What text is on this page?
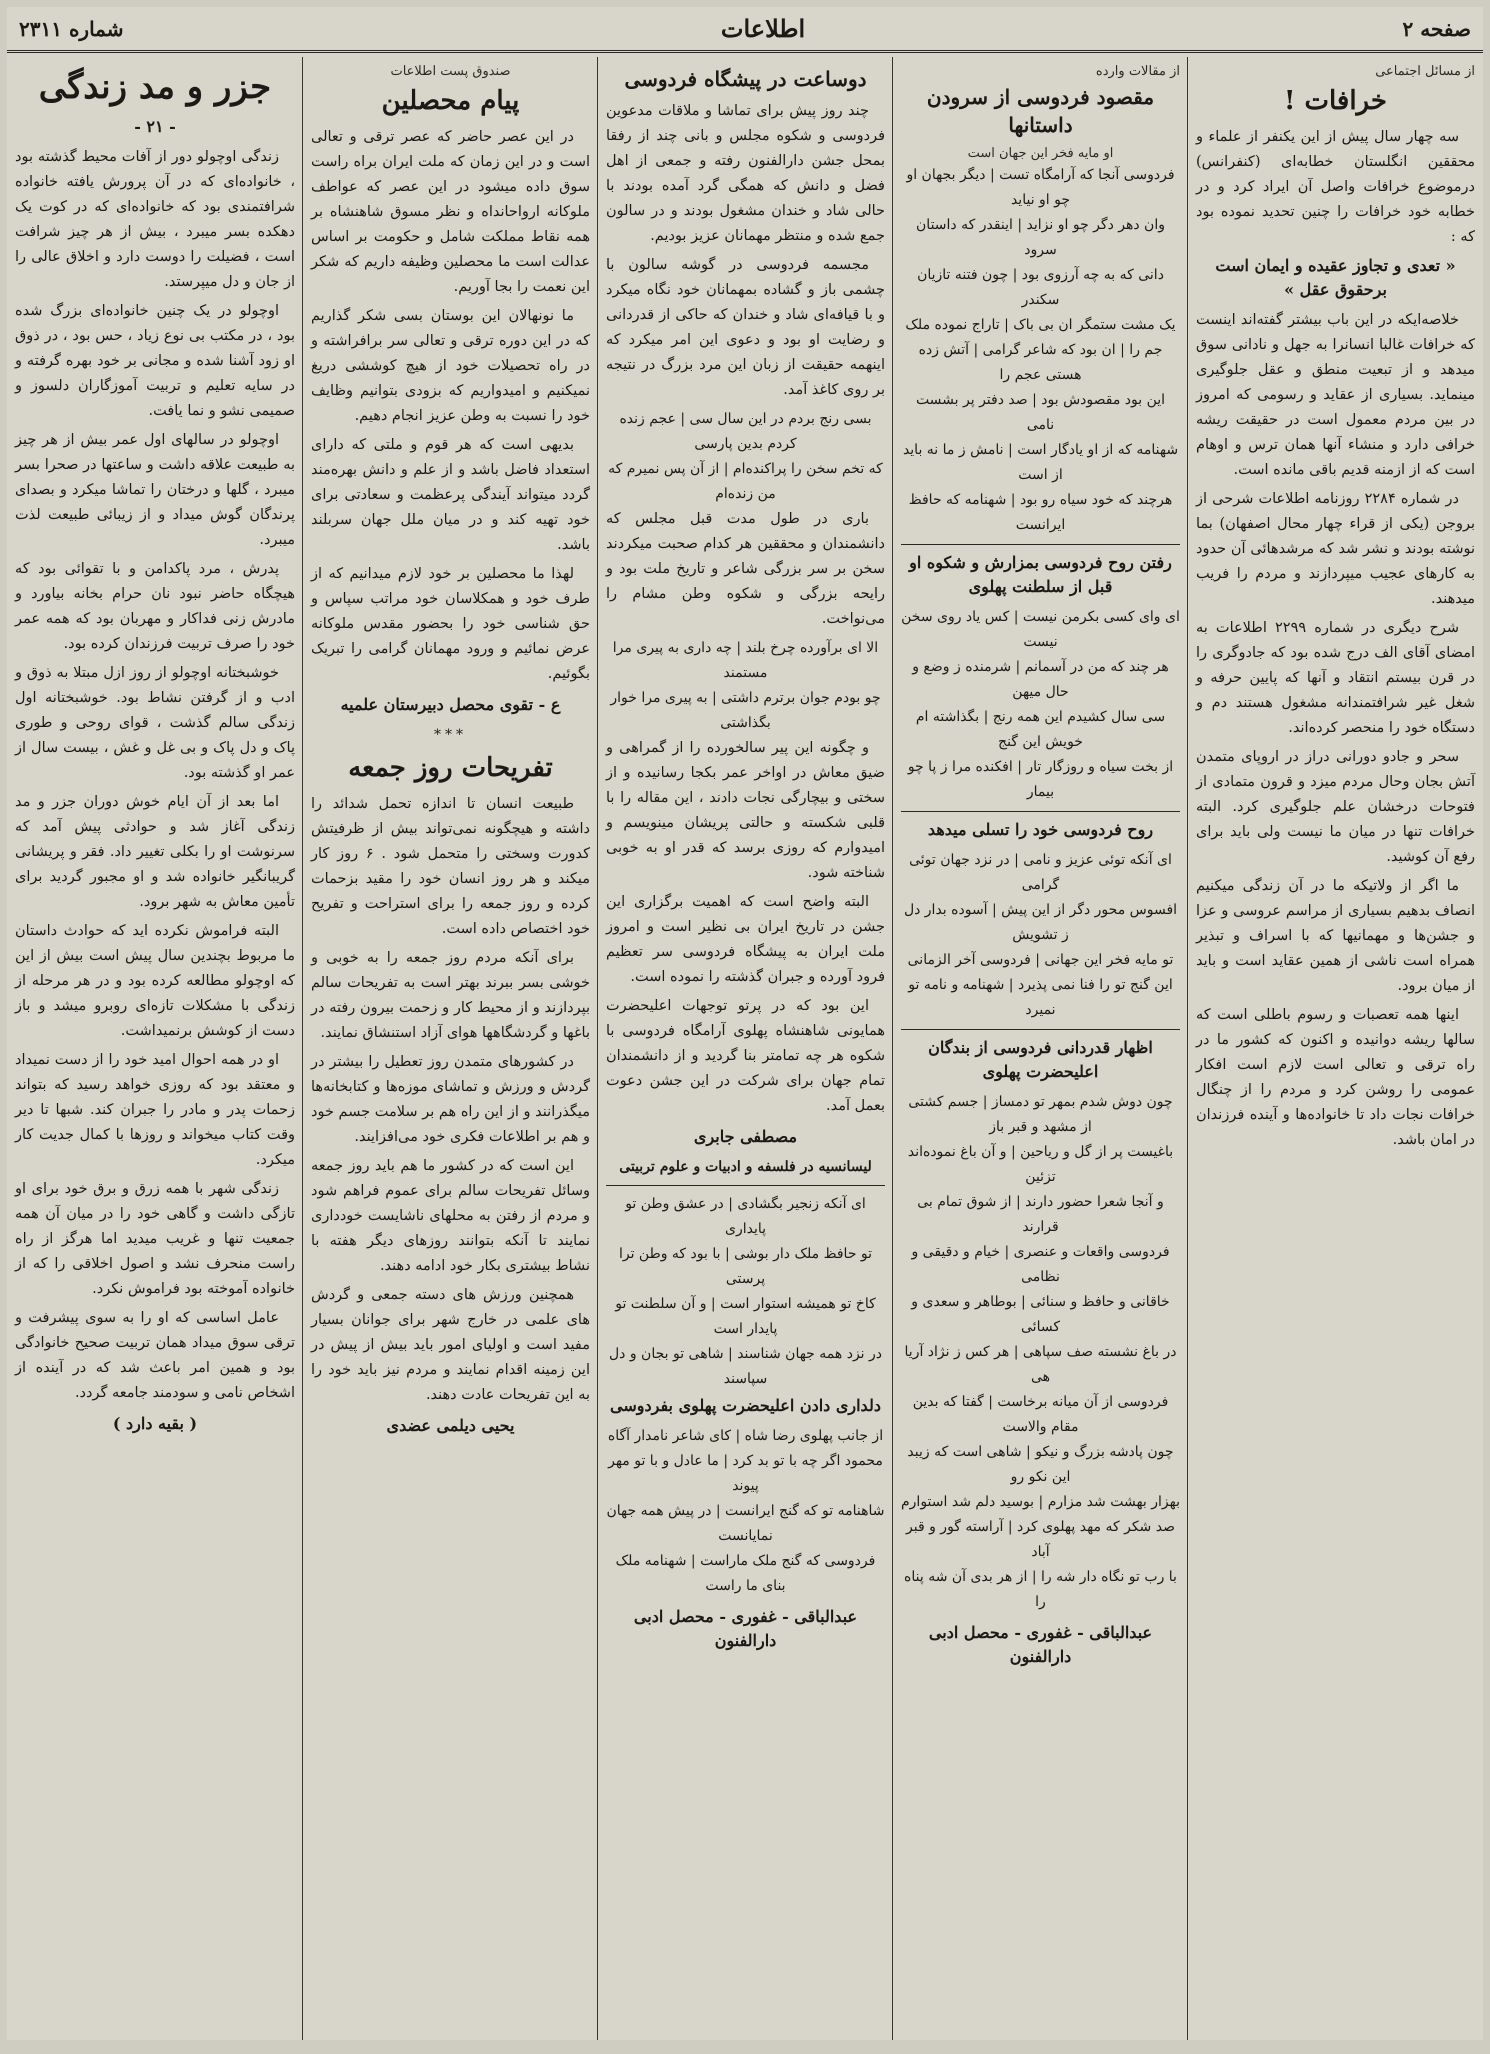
صفحه ۲
اطلاعات
شماره ۲۳۱۱
از مسائل اجتماعی
خرافات !

سه چهار سال پیش از این یکنفر از علماء و محققین انگلستان خطابه‌ای (کنفرانس) درموضوع خرافات واصل آن ایراد کرد و در خطابه خود خرافات را چنین تحدید نموده بود که :

« تعدی و تجاوز عقیده و ایمان است برحقوق عقل »

خلاصه‌ایکه در این باب بیشتر گفته‌اند اینست که خرافات غالبا انسانرا به جهل و نادانی سوق میدهد و از تبعیت منطق و عقل جلوگیری مینماید. بسیاری از عقاید و رسومی که امروز در بین مردم معمول است در حقیقت ریشه خرافی دارد و منشاء آنها همان ترس و اوهام است که از ازمنه قدیم باقی مانده است.

در شماره ۲۲۸۴ روزنامه اطلاعات شرحی از بروجن (یکی از قراء چهار محال اصفهان) بما نوشته بودند و نشر شد که مرشدهائی آن حدود به کارهای عجیب میپردازند و مردم را فریب میدهند.

شرح دیگری در شماره ۲۲۹۹ اطلاعات به امضای آقای الف درج شده بود که جادوگری را در قرن بیستم انتقاد و آنها که پایین حرفه و شغل غیر شرافتمندانه مشغول هستند دم و دستگاه خود را منحصر کرده‌اند.

سحر و جادو دورانی دراز در اروپای متمدن آتش بجان وحال مردم میزد و قرون متمادی از فتوحات درخشان علم جلوگیری کرد. البته خرافات تنها در میان ما نیست ولی باید برای رفع آن کوشید.

ما اگر از ولاتیکه ما در آن زندگی میکنیم انصاف بدهیم بسیاری از مراسم عروسی و عزا و جشن‌ها و مهمانیها که با اسراف و تبذیر همراه است ناشی از همین عقاید است و باید از میان برود.

اینها همه تعصبات و رسوم باطلی است که سالها ریشه دوانیده و اکنون که کشور ما در راه ترقی و تعالی است لازم است افکار عمومی را روشن کرد و مردم را از چنگال خرافات نجات داد تا خانواده‌ها و آینده فرزندان در امان باشد.

از مقالات وارده
مقصود فردوسی از سرودن داستانها
او مایه فخر این جهان است
فردوسی آنجا که آرامگاه تست | دیگر بجهان او چو او نیاید
وان دهر دگر چو او نزاید | اینقدر که داستان سرود
دانی که به چه آرزوی بود | چون فتنه تازیان سکندر
یک مشت ستمگر ان بی باک | تاراج نموده ملک جم را | ان بود که شاعر گرامی | آتش زده هستی عجم را
این بود مقصودش بود | صد دفتر پر بشست نامی
شهنامه که از او یادگار است | نامش ز ما نه باید از است
هرچند که خود سیاه رو بود | شهنامه که حافظ ایرانست
رفتن روح فردوسی بمزارش و شکوه او قبل از سلطنت پهلوی
ای وای کسی بکرمن نیست | کس یاد روی سخن نیست
هر چند که من در آسمانم | شرمنده ز وضع و حال میهن
سی سال کشیدم این همه رنج | بگذاشته ام خویش این گنج
از بخت سیاه و روزگار تار | افکنده مرا ز پا چو بیمار
روح فردوسی خود را تسلی میدهد
ای آنکه توئی عزیز و نامی | در نزد جهان توئی گرامی
افسوس محور دگر از این پیش | آسوده بدار دل ز تشویش
تو مایه فخر این جهانی | فردوسی آخر الزمانی
این گنج تو را فنا نمی پذیرد | شهنامه و نامه تو نمیرد
اظهار قدردانی فردوسی از بندگان اعلیحضرت پهلوی
چون دوش شدم بمهر تو دمساز | جسم کشتی از مشهد و قبر باز
باغیست پر از گل و ریاحین | و آن باغ نموده‌اند تزئین
و آنجا شعرا حضور دارند | از شوق تمام بی قرارند
فردوسی واقعات و عنصری | خیام و دقیقی و نظامی
خاقانی و حافظ و سنائی | بوطاهر و سعدی و کسائی
در باغ نشسته صف سپاهی | هر کس ز نژاد آریا هی
فردوسی از آن میانه برخاست | گفتا که بدین مقام والاست
چون پادشه بزرگ و نیکو | شاهی است که زیبد این نکو رو
بهزار بهشت شد مزارم | بوسید دلم شد استوارم
صد شکر که مهد پهلوی کرد | آراسته گور و قبر آباد
با رب تو نگاه دار شه را | از هر بدی آن شه پناه را
عبدالباقی - غفوری - محصل ادبی دارالفنون
دوساعت در پیشگاه فردوسی

چند روز پیش برای تماشا و ملاقات مدعوین فردوسی و شکوه مجلس و بانی چند از رفقا بمحل جشن دارالفنون رفته و جمعی از اهل فضل و دانش که همگی گرد آمده بودند با حالی شاد و خندان مشغول بودند و در سالون جمع شده و منتظر مهمانان عزیز بودیم.

مجسمه فردوسی در گوشه سالون با چشمی باز و گشاده بمهمانان خود نگاه میکرد و با قیافه‌ای شاد و خندان که حاکی از قدردانی و رضایت او بود و دعوی این امر میکرد که اینهمه حقیقت از زبان این مرد بزرگ در نتیجه بر روی کاغذ آمد.

بسی رنج بردم در این سال سی | عجم زنده کردم بدین پارسی
که تخم سخن را پراکنده‌ام | از آن پس نمیرم که من زنده‌ام

باری در طول مدت قبل مجلس که دانشمندان و محققین هر کدام صحبت میکردند سخن بر سر بزرگی شاعر و تاریخ ملت بود و رایحه بزرگی و شکوه وطن مشام را می‌نواخت.

الا ای برآورده چرخ بلند | چه داری به پیری مرا مستمند
چو بودم جوان برترم داشتی | به پیری مرا خوار بگذاشتی

و چگونه این پیر سالخورده را از گمراهی و ضیق معاش در اواخر عمر بکجا رسانیده و از سختی و بیچارگی نجات دادند ، این مقاله را با قلبی شکسته و حالتی پریشان مینویسم و امیدوارم که روزی برسد که قدر او به خوبی شناخته شود.

البته واضح است که اهمیت برگزاری این جشن در تاریخ ایران بی نظیر است و امروز ملت ایران به پیشگاه فردوسی سر تعظیم فرود آورده و جبران گذشته را نموده است.

این بود که در پرتو توجهات اعلیحضرت همایونی شاهنشاه پهلوی آرامگاه فردوسی با شکوه هر چه تمامتر بنا گردید و از دانشمندان تمام جهان برای شرکت در این جشن دعوت بعمل آمد.

مصطفی جابری
لیسانسیه در فلسفه و ادبیات و علوم تربیتی
ای آنکه زنجیر بگشادی | در عشق وطن تو پایداری
تو حافظ ملک دار بوشی | با بود که وطن ترا پرستی
کاخ تو همیشه استوار است | و آن سلطنت تو پایدار است
در نزد همه جهان شناسند | شاهی تو بجان و دل سپاسند
دلداری دادن اعلیحضرت پهلوی بفردوسی
از جانب پهلوی رضا شاه | کای شاعر نامدار آگاه
محمود اگر چه با تو بد کرد | ما عادل و با تو مهر پیوند
شاهنامه تو که گنج ایرانست | در پیش همه جهان نمایانست
فردوسی که گنج ملک ماراست | شهنامه ملک بنای ما راست
عبدالباقی - غفوری - محصل ادبی دارالفنون
صندوق پست اطلاعات
پیام محصلین

در این عصر حاضر که عصر ترقی و تعالی است و در این زمان که ملت ایران براه راست سوق داده میشود در این عصر که عواطف ملوکانه ارواحانداه و نظر مسوق شاهنشاه بر همه نقاط مملکت شامل و حکومت بر اساس عدالت است ما محصلین وظیفه داریم که شکر این نعمت را بجا آوریم.

ما نونهالان این بوستان بسی شکر گذاریم که در این دوره ترقی و تعالی سر برافراشته و در راه تحصیلات خود از هیچ کوششی دریغ نمیکنیم و امیدواریم که بزودی بتوانیم وظایف خود را نسبت به وطن عزیز انجام دهیم.

بدیهی است که هر قوم و ملتی که دارای استعداد فاضل باشد و از علم و دانش بهره‌مند گردد میتواند آیندگی پرعظمت و سعادتی برای خود تهیه کند و در میان ملل جهان سربلند باشد.

لهذا ما محصلین بر خود لازم میدانیم که از طرف خود و همکلاسان خود مراتب سپاس و حق شناسی خود را بحضور مقدس ملوکانه عرض نمائیم و ورود مهمانان گرامی را تبریک بگوئیم.

ع - تقوی محصل دبیرستان علمیه
***
تفریحات روز جمعه

طبیعت انسان تا اندازه تحمل شدائد را داشته و هیچگونه نمی‌تواند بیش از ظرفیتش کدورت وسختی را متحمل شود . ۶ روز کار میکند و هر روز انسان خود را مقید بزحمات کرده و روز جمعه را برای استراحت و تفریح خود اختصاص داده است.

برای آنکه مردم روز جمعه را به خوبی و خوشی بسر ببرند بهتر است به تفریحات سالم بپردازند و از محیط کار و زحمت بیرون رفته در باغها و گردشگاهها هوای آزاد استنشاق نمایند.

در کشورهای متمدن روز تعطیل را بیشتر در گردش و ورزش و تماشای موزه‌ها و کتابخانه‌ها میگذرانند و از این راه هم بر سلامت جسم خود و هم بر اطلاعات فکری خود می‌افزایند.

این است که در کشور ما هم باید روز جمعه وسائل تفریحات سالم برای عموم فراهم شود و مردم از رفتن به محلهای ناشایست خودداری نمایند تا آنکه بتوانند روزهای دیگر هفته با نشاط بیشتری بکار خود ادامه دهند.

همچنین ورزش های دسته جمعی و گردش های علمی در خارج شهر برای جوانان بسیار مفید است و اولیای امور باید بیش از پیش در این زمینه اقدام نمایند و مردم نیز باید خود را به این تفریحات عادت دهند.

یحیی دیلمی عضدی
جزر و مد زندگی
- ۲۱ -

زندگی اوچولو دور از آفات محیط گذشته بود ، خانواده‌ای که در آن پرورش یافته خانواده شرافتمندی بود که خانواده‌ای که در کوت یک دهکده بسر میبرد ، بیش از هر چیز شرافت است ، فضیلت را دوست دارد و اخلاق عالی را از جان و دل میپرستد.

اوچولو در یک چنین خانواده‌ای بزرگ شده بود ، در مکتب بی نوع زیاد ، حس بود ، در ذوق او زود آشنا شده و مجانی بر خود بهره گرفته و در سایه تعلیم و تربیت آموزگاران دلسوز و صمیمی نشو و نما یافت.

اوچولو در سالهای اول عمر بیش از هر چیز به طبیعت علاقه داشت و ساعتها در صحرا بسر میبرد ، گلها و درختان را تماشا میکرد و بصدای پرندگان گوش میداد و از زیبائی طبیعت لذت میبرد.

پدرش ، مرد پاکدامن و با تقوائی بود که هیچگاه حاضر نبود نان حرام بخانه بیاورد و مادرش زنی فداکار و مهربان بود که همه عمر خود را صرف تربیت فرزندان کرده بود.

خوشبختانه اوچولو از روز ازل مبتلا به ذوق و ادب و از گرفتن نشاط بود. خوشبختانه اول زندگی سالم گذشت ، قوای روحی و طوری پاک و دل پاک و بی غل و غش ، بیست سال از عمر او گذشته بود.

اما بعد از آن ایام خوش دوران جزر و مد زندگی آغاز شد و حوادثی پیش آمد که سرنوشت او را بکلی تغییر داد. فقر و پریشانی گریبانگیر خانواده شد و او مجبور گردید برای تأمین معاش به شهر برود.

البته فراموش نکرده اید که حوادث داستان ما مربوط بچندین سال پیش است بیش از این که اوچولو مطالعه کرده بود و در هر مرحله از زندگی با مشکلات تازه‌ای روبرو میشد و باز دست از کوشش برنمیداشت.

او در همه احوال امید خود را از دست نمیداد و معتقد بود که روزی خواهد رسید که بتواند زحمات پدر و مادر را جبران کند. شبها تا دیر وقت کتاب میخواند و روزها با کمال جدیت کار میکرد.

زندگی شهر با همه زرق و برق خود برای او تازگی داشت و گاهی خود را در میان آن همه جمعیت تنها و غریب میدید اما هرگز از راه راست منحرف نشد و اصول اخلاقی را که از خانواده آموخته بود فراموش نکرد.

عامل اساسی که او را به سوی پیشرفت و ترقی سوق میداد همان تربیت صحیح خانوادگی بود و همین امر باعث شد که در آینده از اشخاص نامی و سودمند جامعه گردد.

( بقیه دارد )
